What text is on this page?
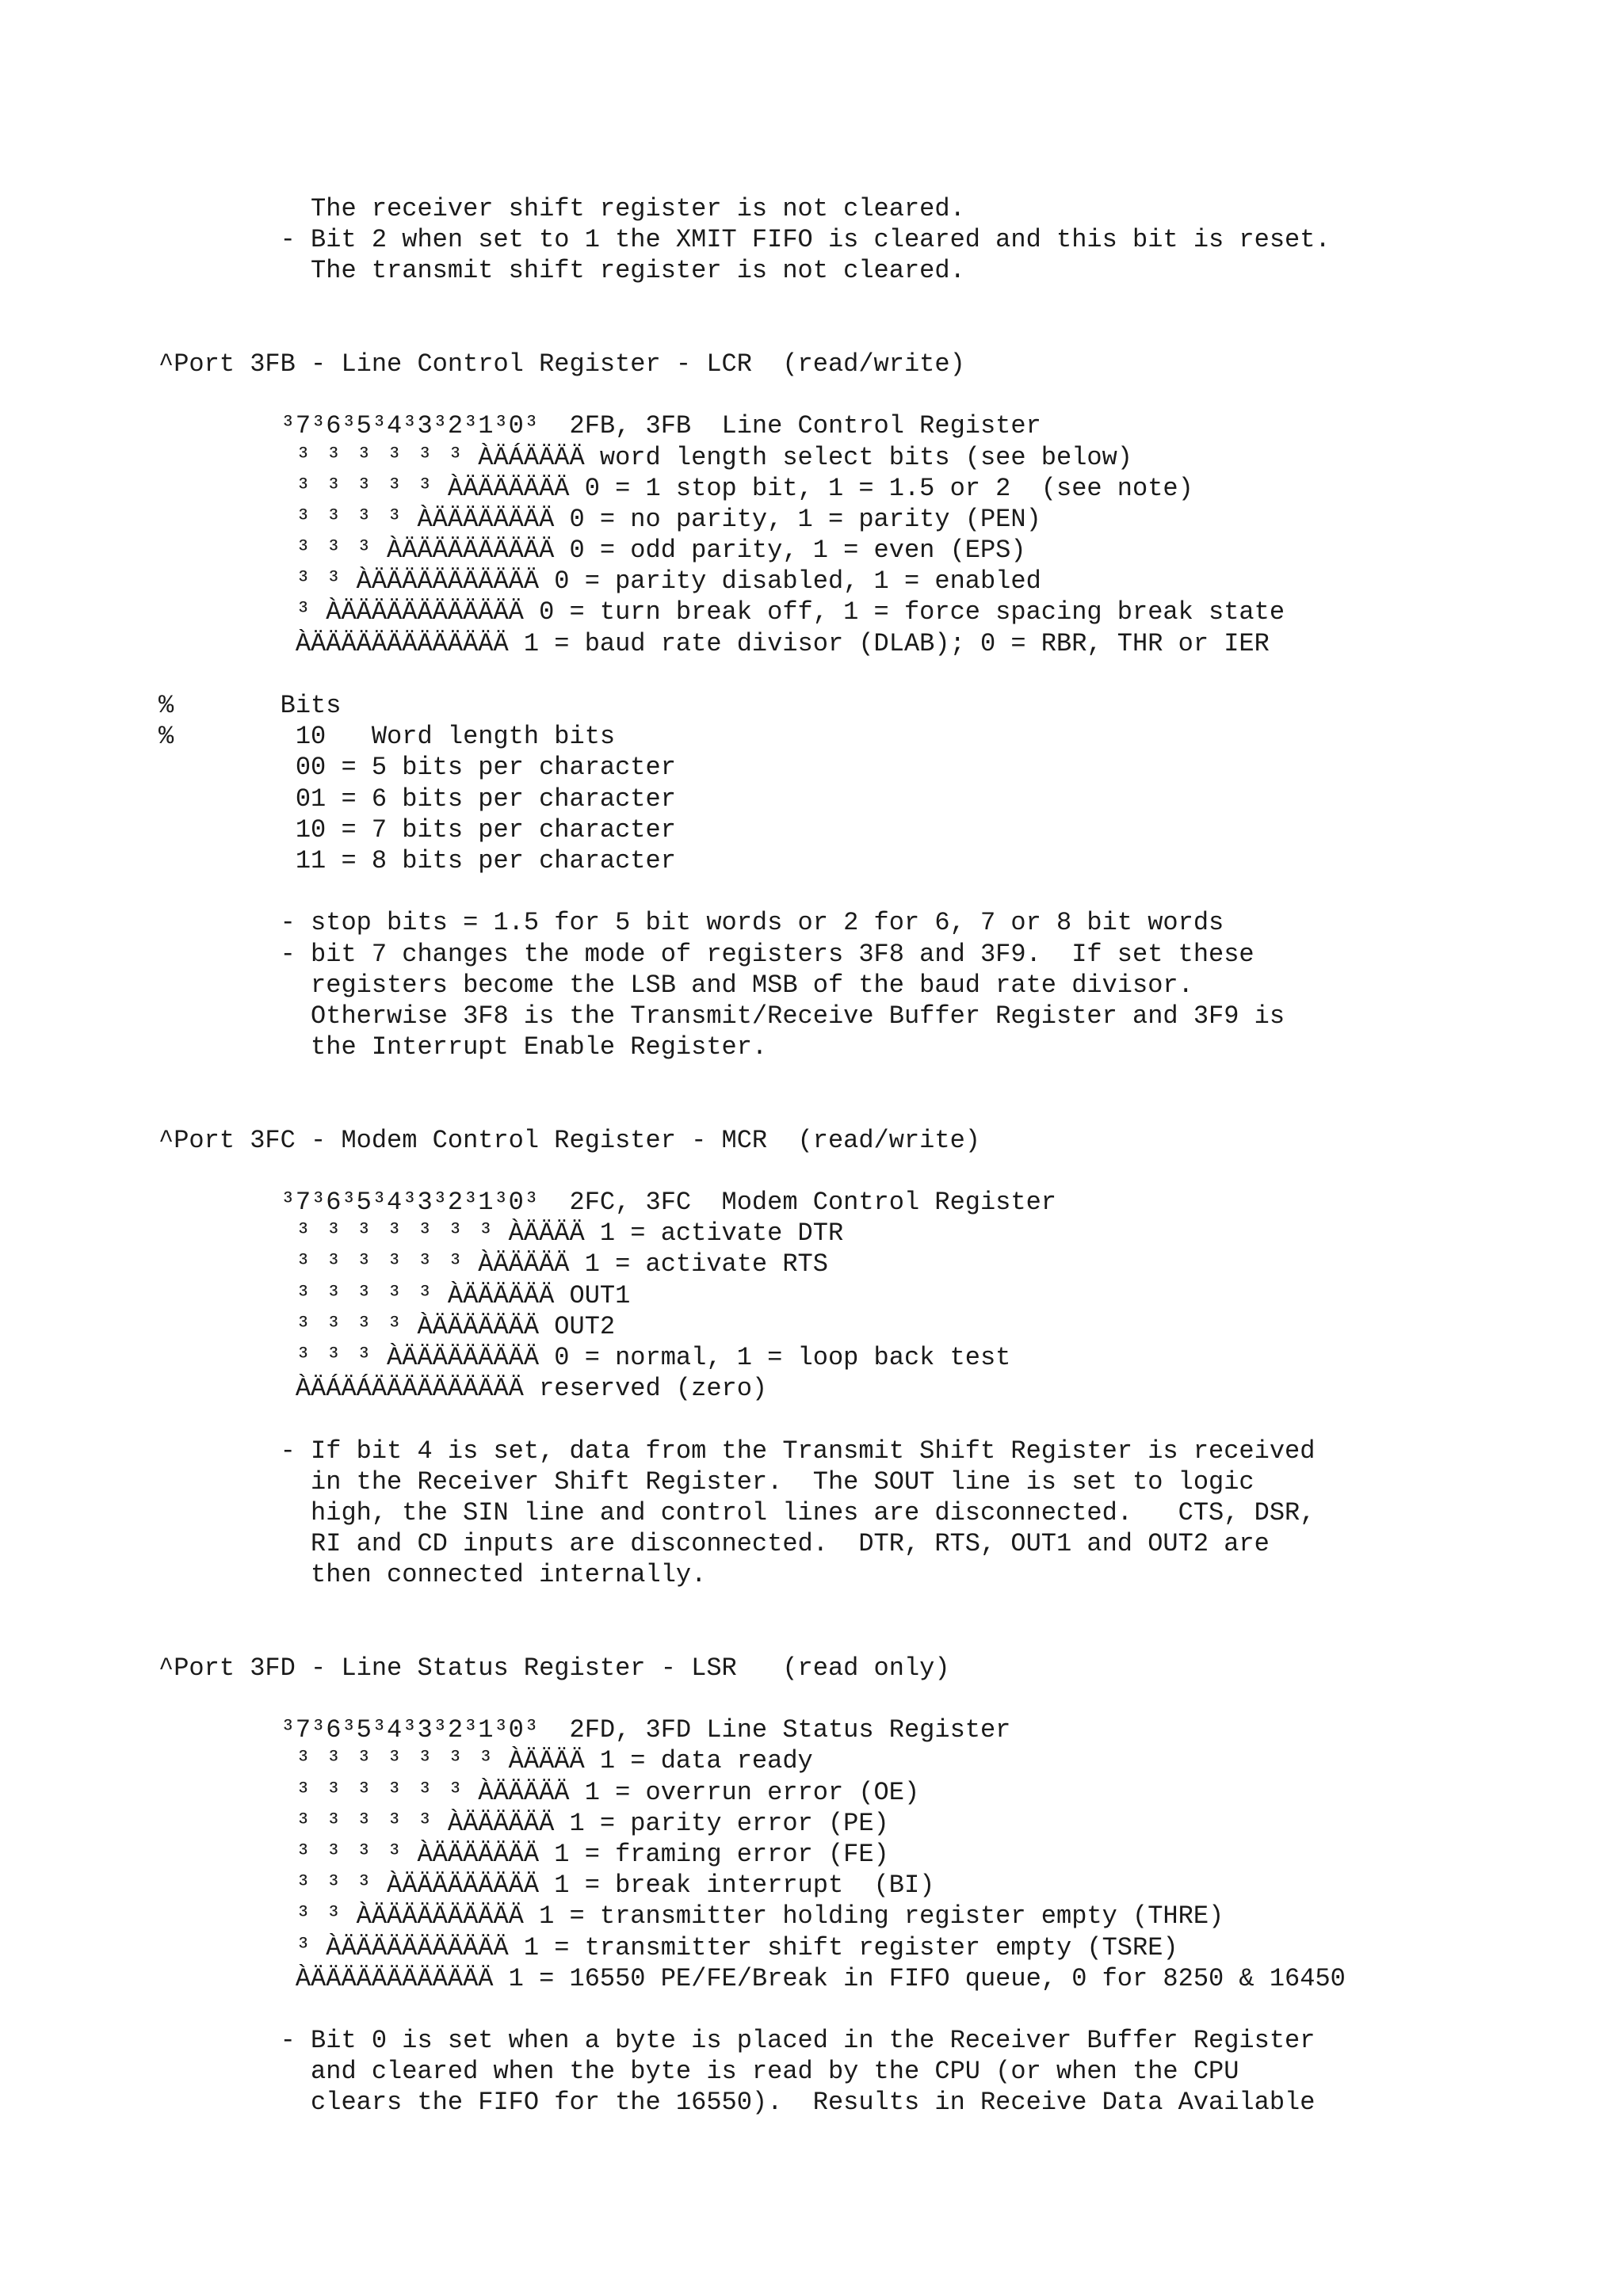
The receiver shift register is not cleared.
- Bit 2 when set to 1 the XMIT FIFO is cleared and this bit is reset.
The transmit shift register is not cleared.
^Port 3FB - Line Control Register - LCR  (read/write)
³7³6³5³4³3³2³1³0³  2FB, 3FB  Line Control Register
³ ³ ³ ³ ³ ³ ÀÄÁÄÄÄÄ word length select bits (see below)
³ ³ ³ ³ ³ ÀÄÄÄÄÄÄÄ 0 = 1 stop bit, 1 = 1.5 or 2  (see note)
³ ³ ³ ³ ÀÄÄÄÄÄÄÄÄ 0 = no parity, 1 = parity (PEN)
³ ³ ³ ÀÄÄÄÄÄÄÄÄÄÄ 0 = odd parity, 1 = even (EPS)
³ ³ ÀÄÄÄÄÄÄÄÄÄÄÄ 0 = parity disabled, 1 = enabled
³ ÀÄÄÄÄÄÄÄÄÄÄÄÄ 0 = turn break off, 1 = force spacing break state
ÀÄÄÄÄÄÄÄÄÄÄÄÄÄ 1 = baud rate divisor (DLAB); 0 = RBR, THR or IER
%       Bits
%        10   Word length bits
00 = 5 bits per character
01 = 6 bits per character
10 = 7 bits per character
11 = 8 bits per character
- stop bits = 1.5 for 5 bit words or 2 for 6, 7 or 8 bit words
- bit 7 changes the mode of registers 3F8 and 3F9.  If set these
registers become the LSB and MSB of the baud rate divisor.
Otherwise 3F8 is the Transmit/Receive Buffer Register and 3F9 is
the Interrupt Enable Register.
^Port 3FC - Modem Control Register - MCR  (read/write)
³7³6³5³4³3³2³1³0³  2FC, 3FC  Modem Control Register
³ ³ ³ ³ ³ ³ ³ ÀÄÄÄÄ 1 = activate DTR
³ ³ ³ ³ ³ ³ ÀÄÄÄÄÄ 1 = activate RTS
³ ³ ³ ³ ³ ÀÄÄÄÄÄÄ OUT1
³ ³ ³ ³ ÀÄÄÄÄÄÄÄ OUT2
³ ³ ³ ÀÄÄÄÄÄÄÄÄÄ 0 = normal, 1 = loop back test
ÀÄÁÄÁÄÄÄÄÄÄÄÄÄÄ reserved (zero)
- If bit 4 is set, data from the Transmit Shift Register is received
in the Receiver Shift Register.  The SOUT line is set to logic
high, the SIN line and control lines are disconnected.   CTS, DSR,
RI and CD inputs are disconnected.  DTR, RTS, OUT1 and OUT2 are
then connected internally.
^Port 3FD - Line Status Register - LSR   (read only)
³7³6³5³4³3³2³1³0³  2FD, 3FD Line Status Register
³ ³ ³ ³ ³ ³ ³ ÀÄÄÄÄ 1 = data ready
³ ³ ³ ³ ³ ³ ÀÄÄÄÄÄ 1 = overrun error (OE)
³ ³ ³ ³ ³ ÀÄÄÄÄÄÄ 1 = parity error (PE)
³ ³ ³ ³ ÀÄÄÄÄÄÄÄ 1 = framing error (FE)
³ ³ ³ ÀÄÄÄÄÄÄÄÄÄ 1 = break interrupt  (BI)
³ ³ ÀÄÄÄÄÄÄÄÄÄÄ 1 = transmitter holding register empty (THRE)
³ ÀÄÄÄÄÄÄÄÄÄÄÄ 1 = transmitter shift register empty (TSRE)
ÀÄÄÄÄÄÄÄÄÄÄÄÄ 1 = 16550 PE/FE/Break in FIFO queue, 0 for 8250 & 16450
- Bit 0 is set when a byte is placed in the Receiver Buffer Register
and cleared when the byte is read by the CPU (or when the CPU
clears the FIFO for the 16550).  Results in Receive Data Available
